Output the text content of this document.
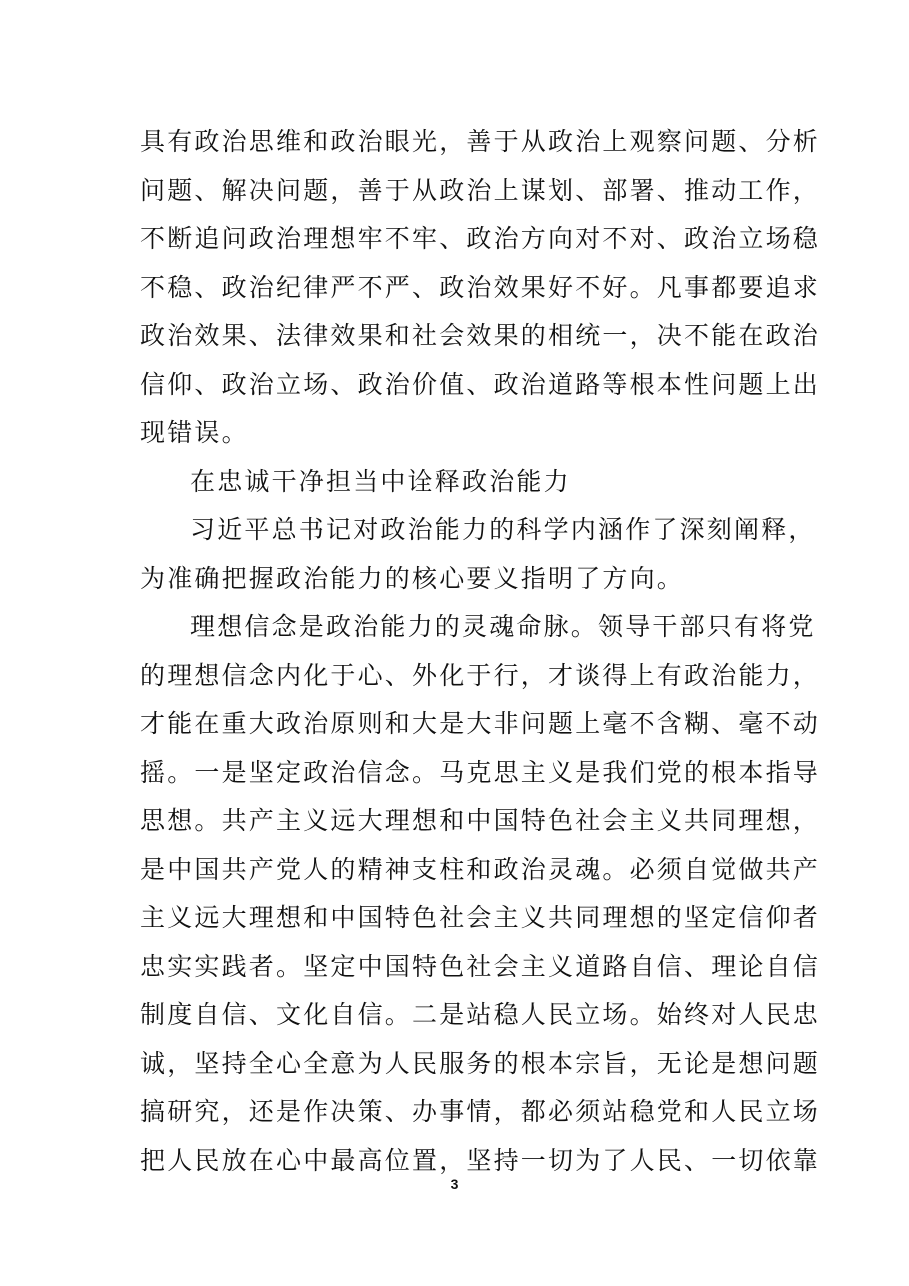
具有政治思维和政治眼光，善于从政治上观察问题、分析
问题、解决问题，善于从政治上谋划、部署、推动工作，
不断追问政治理想牢不牢、政治方向对不对、政治立场稳
不稳、政治纪律严不严、政治效果好不好。凡事都要追求
政治效果、法律效果和社会效果的相统一，决不能在政治
信仰、政治立场、政治价值、政治道路等根本性问题上出
现错误。
在忠诚干净担当中诠释政治能力
习近平总书记对政治能力的科学内涵作了深刻阐释，
为准确把握政治能力的核心要义指明了方向。
理想信念是政治能力的灵魂命脉。领导干部只有将党
的理想信念内化于心、外化于行，才谈得上有政治能力，
才能在重大政治原则和大是大非问题上毫不含糊、毫不动
摇。一是坚定政治信念。马克思主义是我们党的根本指导
思想。共产主义远大理想和中国特色社会主义共同理想，
是中国共产党人的精神支柱和政治灵魂。必须自觉做共产
主义远大理想和中国特色社会主义共同理想的坚定信仰者
忠实实践者。坚定中国特色社会主义道路自信、理论自信
制度自信、文化自信。二是站稳人民立场。始终对人民忠
诚，坚持全心全意为人民服务的根本宗旨，无论是想问题
搞研究，还是作决策、办事情，都必须站稳党和人民立场
把人民放在心中最高位置，坚持一切为了人民、一切依靠
3
